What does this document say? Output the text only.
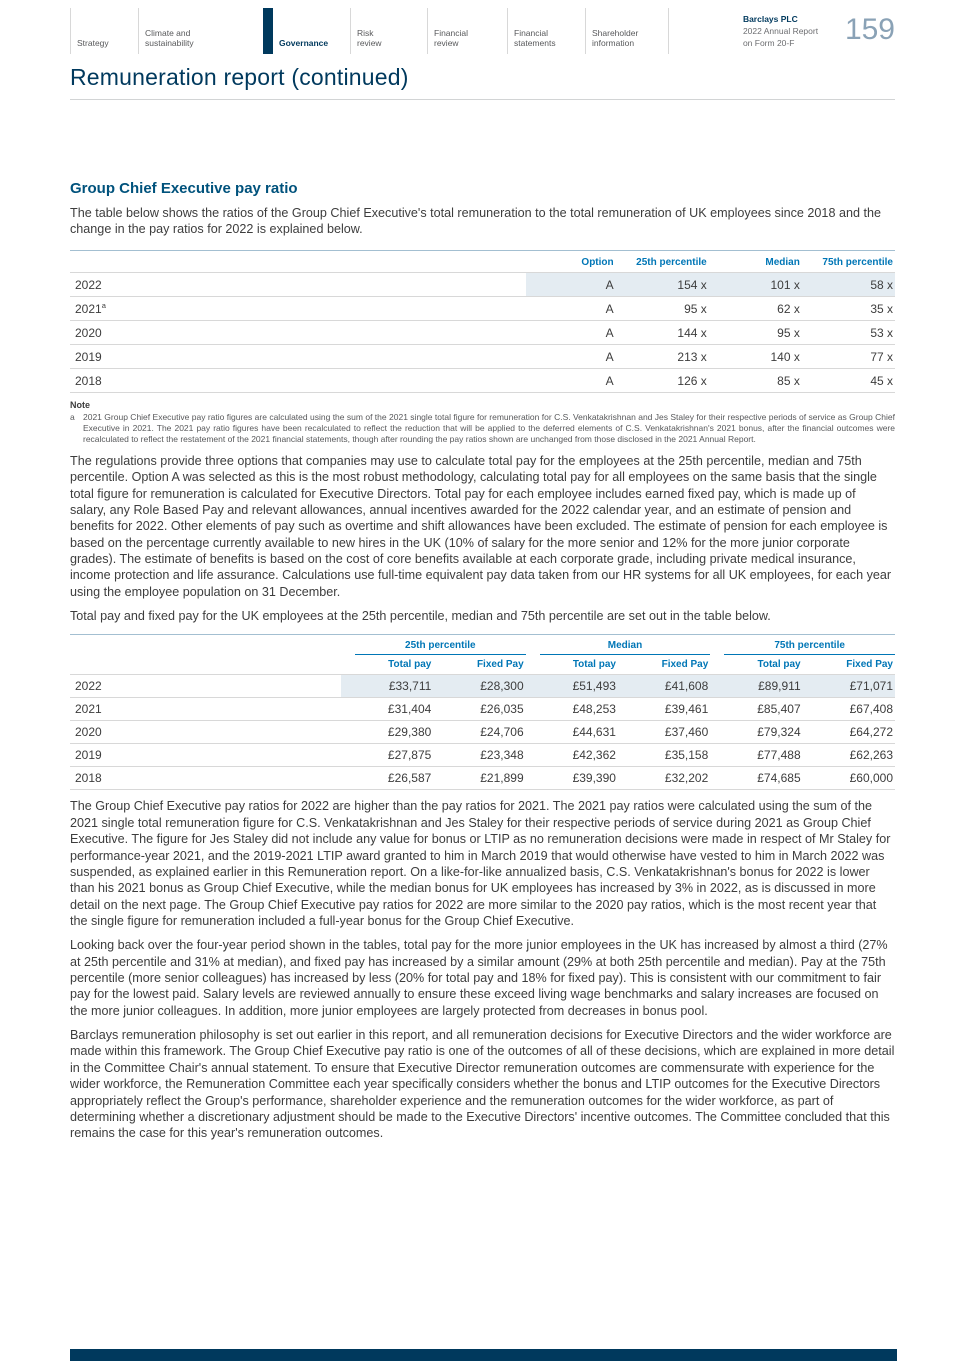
Strategy
Climate and sustainability	Governance
Risk review
Financial review
Financial statements
Shareholder information
Barclays PLC
2022 Annual Report
on Form 20-F	159
Remuneration report (continued)
Group Chief Executive pay ratio

The table below shows the ratios of the Group Chief Executive's total remuneration to the total remuneration of UK employees since 2018 and the change in the pay ratios for 2022 is explained below.

	Option	25th percentile	Median	75th percentile
2022	A	154 x	101 x	58 x
2021$^a$	A	95 x	62 x	35 x
2020	A	144 x	95 x	53 x
2019	A	213 x	140 x	77 x
2018	A	126 x	85 x	45 x
Note
a 2021 Group Chief Executive pay ratio figures are calculated using the sum of the 2021 single total figure for remuneration for C.S. Venkatakrishnan and Jes Staley for their respective periods of service as Group Chief Executive in 2021. The 2021 pay ratio figures have been recalculated to reflect the reduction that will be applied to the deferred elements of C.S. Venkatakrishnan's 2021 bonus, after the financial outcomes were recalculated to reflect the restatement of the 2021 financial statements, though after rounding the pay ratios shown are unchanged from those disclosed in the 2021 Annual Report.

The regulations provide three options that companies may use to calculate total pay for the employees at the 25th percentile, median and 75th percentile. Option A was selected as this is the most robust methodology, calculating total pay for all employees on the same basis that the single total figure for remuneration is calculated for Executive Directors. Total pay for each employee includes earned fixed pay, which is made up of salary, any Role Based Pay and relevant allowances, annual incentives awarded for the 2022 calendar year, and an estimate of pension and benefits for 2022. Other elements of pay such as overtime and shift allowances have been excluded. The estimate of pension for each employee is based on the percentage currently available to new hires in the UK (10% of salary for the more senior and 12% for the more junior corporate grades). The estimate of benefits is based on the cost of core benefits available at each corporate grade, including private medical insurance, income protection and life assurance. Calculations use full-time equivalent pay data taken from our HR systems for all UK employees, for each year using the employee population on 31 December.

Total pay and fixed pay for the UK employees at the 25th percentile, median and 75th percentile are set out in the table below.

	25th percentile		Median		75th percentile	

	Total pay	Fixed Pay	Total pay	Fixed Pay	Total pay	Fixed Pay
2022	£33,711	£28,300	£51,493	£41,608	£89,911	£71,071
2021	£31,404	£26,035	£48,253	£39,461	£85,407	£67,408
2020	£29,380	£24,706	£44,631	£37,460	£79,324	£64,272
2019	£27,875	£23,348	£42,362	£35,158	£77,488	£62,263
2018	£26,587	£21,899	£39,390	£32,202	£74,685	£60,000

The Group Chief Executive pay ratios for 2022 are higher than the pay ratios for 2021. The 2021 pay ratios were calculated using the sum of the 2021 single total remuneration figure for C.S. Venkatakrishnan and Jes Staley for their respective periods of service during 2021 as Group Chief Executive. The figure for Jes Staley did not include any value for bonus or LTIP as no remuneration decisions were made in respect of Mr Staley for performance-year 2021, and the 2019-2021 LTIP award granted to him in March 2019 that would otherwise have vested to him in March 2022 was suspended, as explained earlier in this Remuneration report. On a like-for-like annualized basis, C.S. Venkatakrishnan's bonus for 2022 is lower than his 2021 bonus as Group Chief Executive, while the median bonus for UK employees has increased by 3% in 2022, as is discussed in more detail on the next page. The Group Chief Executive pay ratios for 2022 are more similar to the 2020 pay ratios, which is the most recent year that the single figure for remuneration included a full-year bonus for the Group Chief Executive.

Looking back over the four-year period shown in the tables, total pay for the more junior employees in the UK has increased by almost a third (27% at 25th percentile and 31% at median), and fixed pay has increased by a similar amount (29% at both 25th percentile and median). Pay at the 75th percentile (more senior colleagues) has increased by less (20% for total pay and 18% for fixed pay). This is consistent with our commitment to fair pay for the lowest paid. Salary levels are reviewed annually to ensure these exceed living wage benchmarks and salary increases are focused on the more junior colleagues. In addition, more junior employees are largely protected from decreases in bonus pool.

Barclays remuneration philosophy is set out earlier in this report, and all remuneration decisions for Executive Directors and the wider workforce are made within this framework. The Group Chief Executive pay ratio is one of the outcomes of all of these decisions, which are explained in more detail in the Committee Chair's annual statement. To ensure that Executive Director remuneration outcomes are commensurate with experience for the wider workforce, the Remuneration Committee each year specifically considers whether the bonus and LTIP outcomes for the Executive Directors appropriately reflect the Group's performance, shareholder experience and the remuneration outcomes for the wider workforce, as part of determining whether a discretionary adjustment should be made to the Executive Directors' incentive outcomes. The Committee concluded that this remains the case for this year's remuneration outcomes.
